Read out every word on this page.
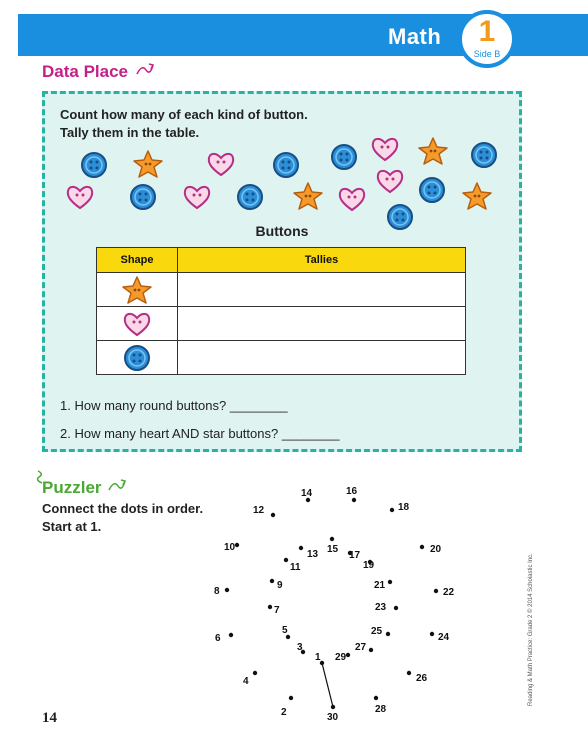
Math	1
Side B
Data Place
Count how many of each kind of button.
Tally them in the table.
Buttons
Shape	Tallies

1. How many round buttons? ________
2. How many heart AND star buttons? ________
Puzzler
Connect the dots in order.
Start at 1.
1
2
3
4
5
6
7
8
9
10
11
12
13
14
15
16
17
18
19
20
21
22
23
24
25
26
27
28
29
30
14
Reading & Math Practice: Grade 2 © 2014 Scholastic Inc.
